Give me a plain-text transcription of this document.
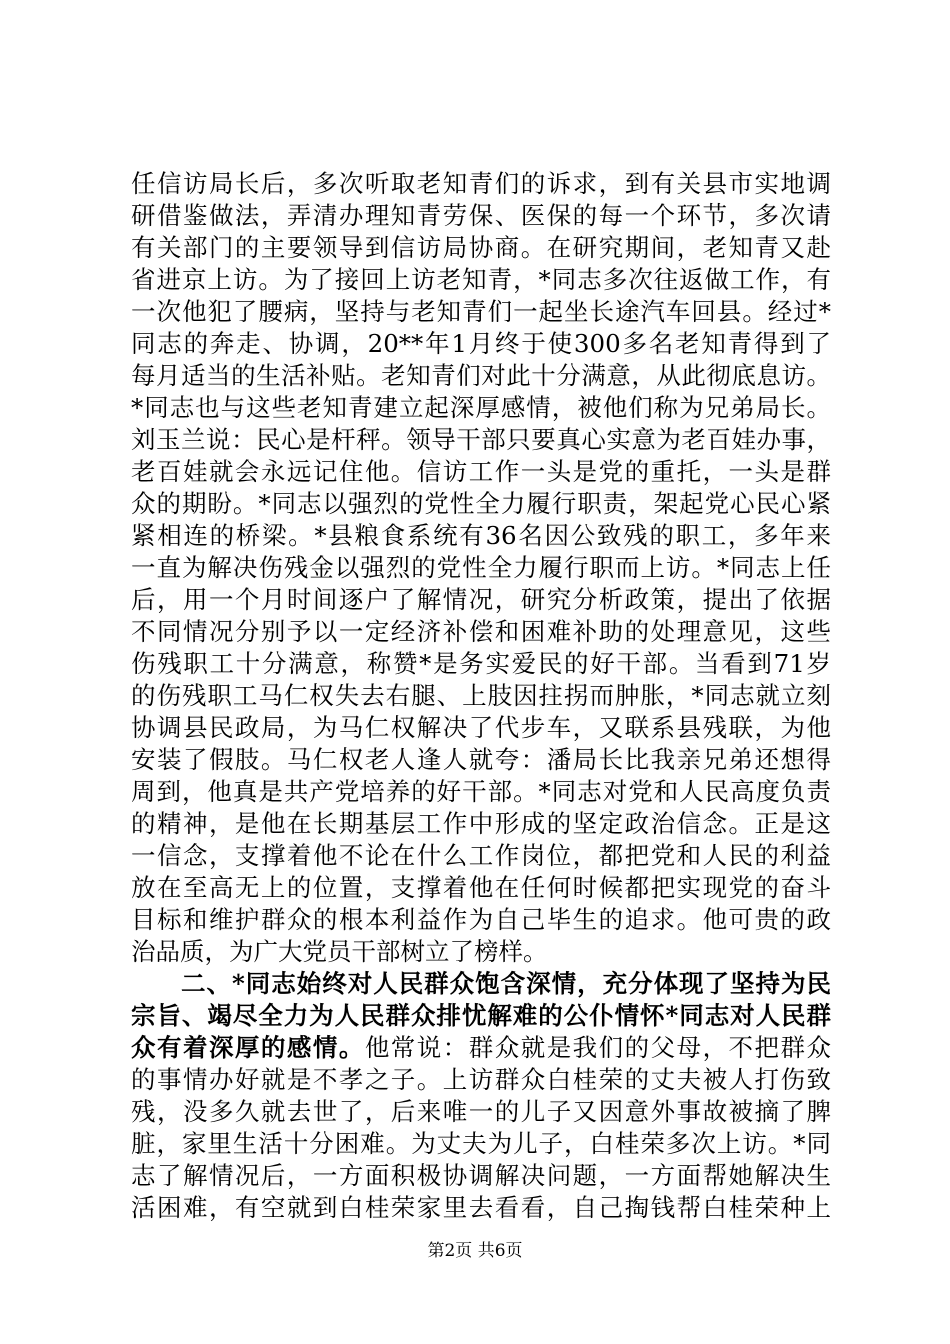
任信访局长后，多次听取老知青们的诉求，到有关县市实地调
研借鉴做法，弄清办理知青劳保、医保的每一个环节，多次请
有关部门的主要领导到信访局协商。在研究期间，老知青又赴
省进京上访。为了接回上访老知青，*同志多次往返做工作，有
一次他犯了腰病，坚持与老知青们一起坐长途汽车回县。经过*
同志的奔走、协调，20**年1月终于使300多名老知青得到了
每月适当的生活补贴。老知青们对此十分满意，从此彻底息访。
*同志也与这些老知青建立起深厚感情，被他们称为兄弟局长。
刘玉兰说：民心是杆秤。领导干部只要真心实意为老百娃办事，
老百娃就会永远记住他。信访工作一头是党的重托，一头是群
众的期盼。*同志以强烈的党性全力履行职责，架起党心民心紧
紧相连的桥梁。*县粮食系统有36名因公致残的职工，多年来
一直为解决伤残金以强烈的党性全力履行职而上访。*同志上任
后，用一个月时间逐户了解情况，研究分析政策，提出了依据
不同情况分别予以一定经济补偿和困难补助的处理意见，这些
伤残职工十分满意，称赞*是务实爱民的好干部。当看到71岁
的伤残职工马仁权失去右腿、上肢因拄拐而肿胀，*同志就立刻
协调县民政局，为马仁权解决了代步车，又联系县残联，为他
安装了假肢。马仁权老人逢人就夸：潘局长比我亲兄弟还想得
周到，他真是共产党培养的好干部。*同志对党和人民高度负责
的精神，是他在长期基层工作中形成的坚定政治信念。正是这
一信念，支撑着他不论在什么工作岗位，都把党和人民的利益
放在至高无上的位置，支撑着他在任何时候都把实现党的奋斗
目标和维护群众的根本利益作为自己毕生的追求。他可贵的政
治品质，为广大党员干部树立了榜样。
二、*同志始终对人民群众饱含深情，充分体现了坚持为民
宗旨、竭尽全力为人民群众排忧解难的公仆情怀*同志对人民群
众有着深厚的感情。他常说：群众就是我们的父母，不把群众
的事情办好就是不孝之子。上访群众白桂荣的丈夫被人打伤致
残，没多久就去世了，后来唯一的儿子又因意外事故被摘了脾
脏，家里生活十分困难。为丈夫为儿子，白桂荣多次上访。*同
志了解情况后，一方面积极协调解决问题，一方面帮她解决生
活困难，有空就到白桂荣家里去看看，自己掏钱帮白桂荣种上
第2页 共6页
